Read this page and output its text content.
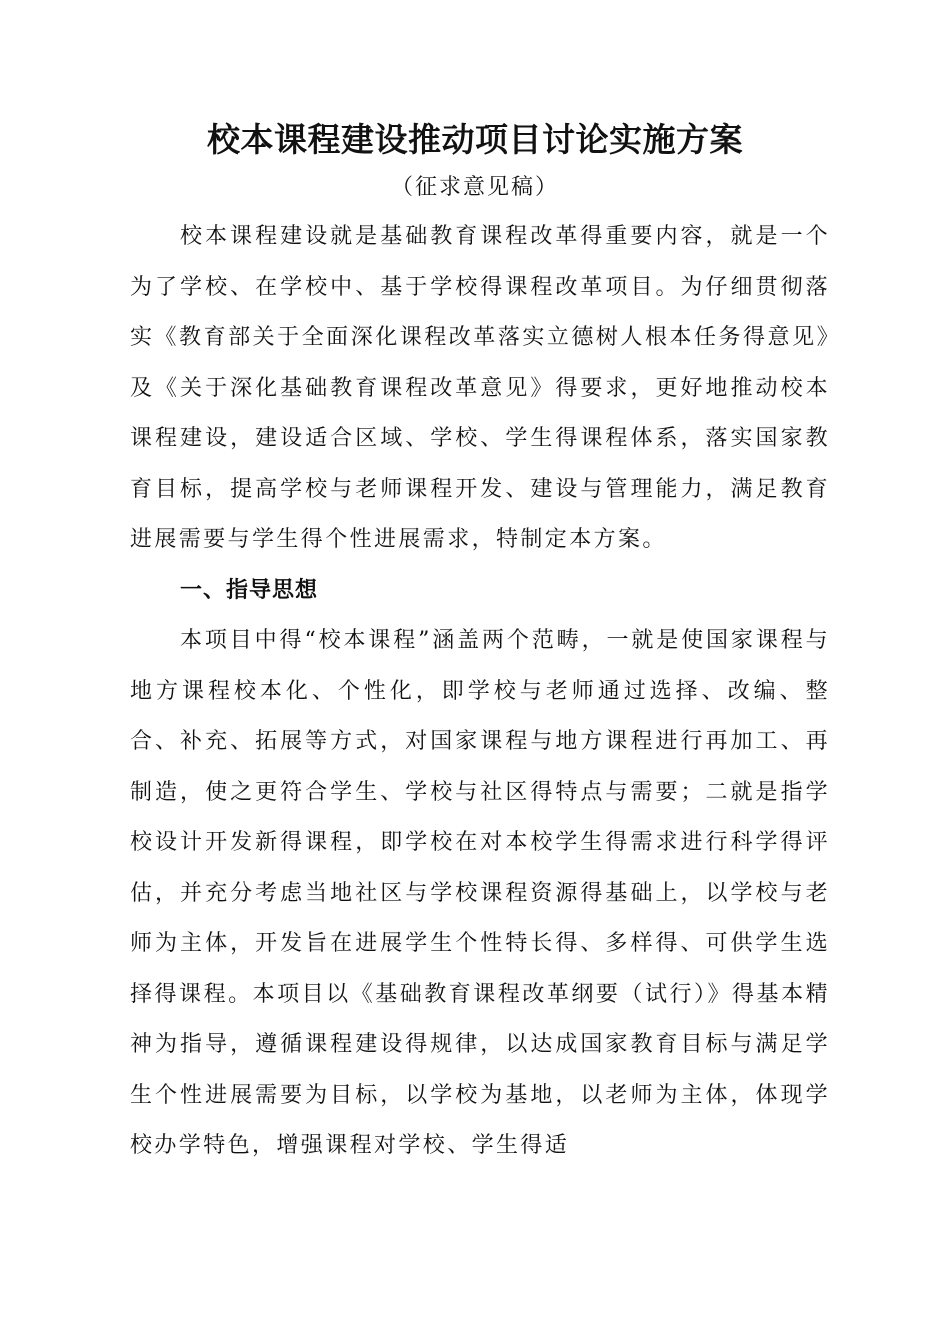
校本课程建设推动项目讨论实施方案
（征求意见稿）

校本课程建设就是基础教育课程改革得重要内容，就是一个为了学校、在学校中、基于学校得课程改革项目。为仔细贯彻落实《教育部关于全面深化课程改革落实立德树人根本任务得意见》及《关于深化基础教育课程改革意见》得要求，更好地推动校本课程建设，建设适合区域、学校、学生得课程体系，落实国家教育目标，提高学校与老师课程开发、建设与管理能力，满足教育进展需要与学生得个性进展需求，特制定本方案。

一、指导思想

本项目中得“校本课程”涵盖两个范畴，一就是使国家课程与地方课程校本化、个性化，即学校与老师通过选择、改编、整合、补充、拓展等方式，对国家课程与地方课程进行再加工、再制造，使之更符合学生、学校与社区得特点与需要；二就是指学校设计开发新得课程，即学校在对本校学生得需求进行科学得评估，并充分考虑当地社区与学校课程资源得基础上，以学校与老师为主体，开发旨在进展学生个性特长得、多样得、可供学生选择得课程。本项目以《基础教育课程改革纲要（试行）》得基本精神为指导，遵循课程建设得规律，以达成国家教育目标与满足学生个性进展需要为目标，以学校为基地，以老师为主体，体现学校办学特色，增强课程对学校、学生得适
